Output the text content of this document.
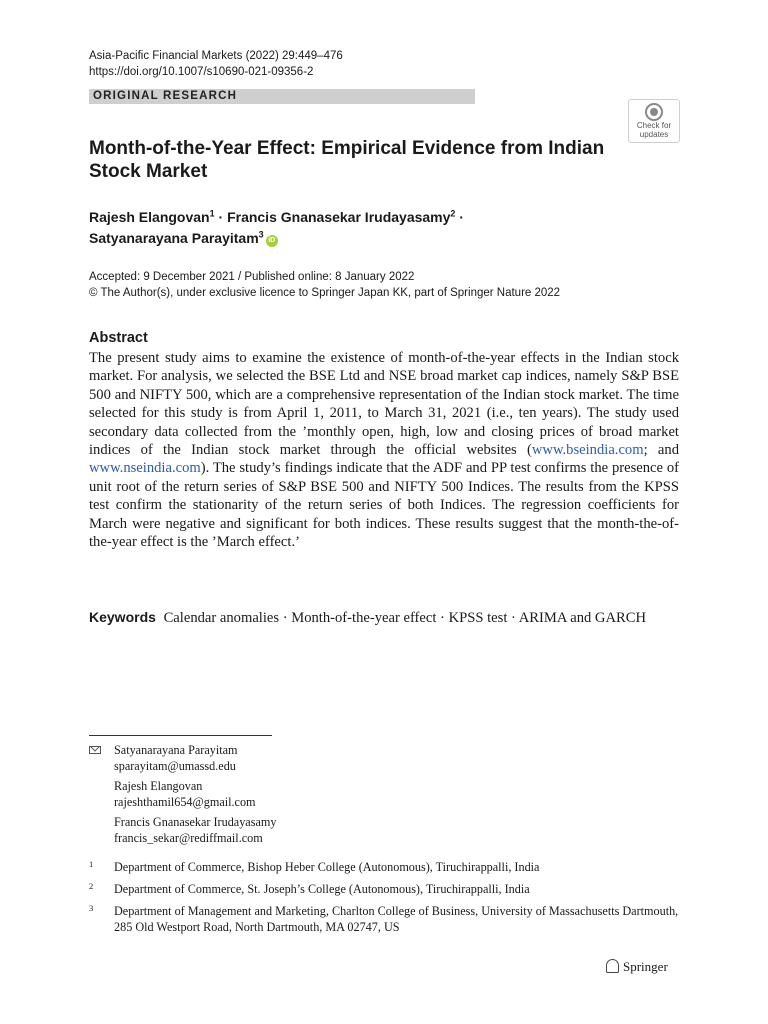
Asia-Pacific Financial Markets (2022) 29:449–476
https://doi.org/10.1007/s10690-021-09356-2
ORIGINAL RESEARCH
Check for
updates
Month-of-the-Year Effect: Empirical Evidence from Indian Stock Market
Rajesh Elangovan$^1$ · Francis Gnanasekar Irudayasamy$^2$ ·
Satyanarayana Parayitam$^3$iD
Accepted: 9 December 2021 / Published online: 8 January 2022
© The Author(s), under exclusive licence to Springer Japan KK, part of Springer Nature 2022
Abstract
The present study aims to examine the existence of month-of-the-year effects in the Indian stock market. For analysis, we selected the BSE Ltd and NSE broad market cap indices, namely S&P BSE 500 and NIFTY 500, which are a comprehensive representation of the Indian stock market. The time selected for this study is from April 1, 2011, to March 31, 2021 (i.e., ten years). The study used secondary data collected from the ’monthly open, high, low and closing prices of broad market indices of the Indian stock market through the official websites (www.bseindia.com; and www.nseindia.com). The study’s findings indicate that the ADF and PP test confirms the presence of unit root of the return series of S&P BSE 500 and NIFTY 500 Indices. The results from the KPSS test confirm the stationarity of the return series of both Indices. The regression coefficients for March were negative and significant for both indices. These results suggest that the month-the-of-the-year effect is the ’March effect.’
Keywords Calendar anomalies · Month-of-the-year effect · KPSS test · ARIMA and GARCH
Satyanarayana Parayitam
sparayitam@umassd.edu
Rajesh Elangovan
rajeshthamil654@gmail.com
Francis Gnanasekar Irudayasamy
francis_sekar@rediffmail.com
1 Department of Commerce, Bishop Heber College (Autonomous), Tiruchirappalli, India
2 Department of Commerce, St. Joseph’s College (Autonomous), Tiruchirappalli, India
3 Department of Management and Marketing, Charlton College of Business, University of Massachusetts Dartmouth, 285 Old Westport Road, North Dartmouth, MA 02747, US
Springer
